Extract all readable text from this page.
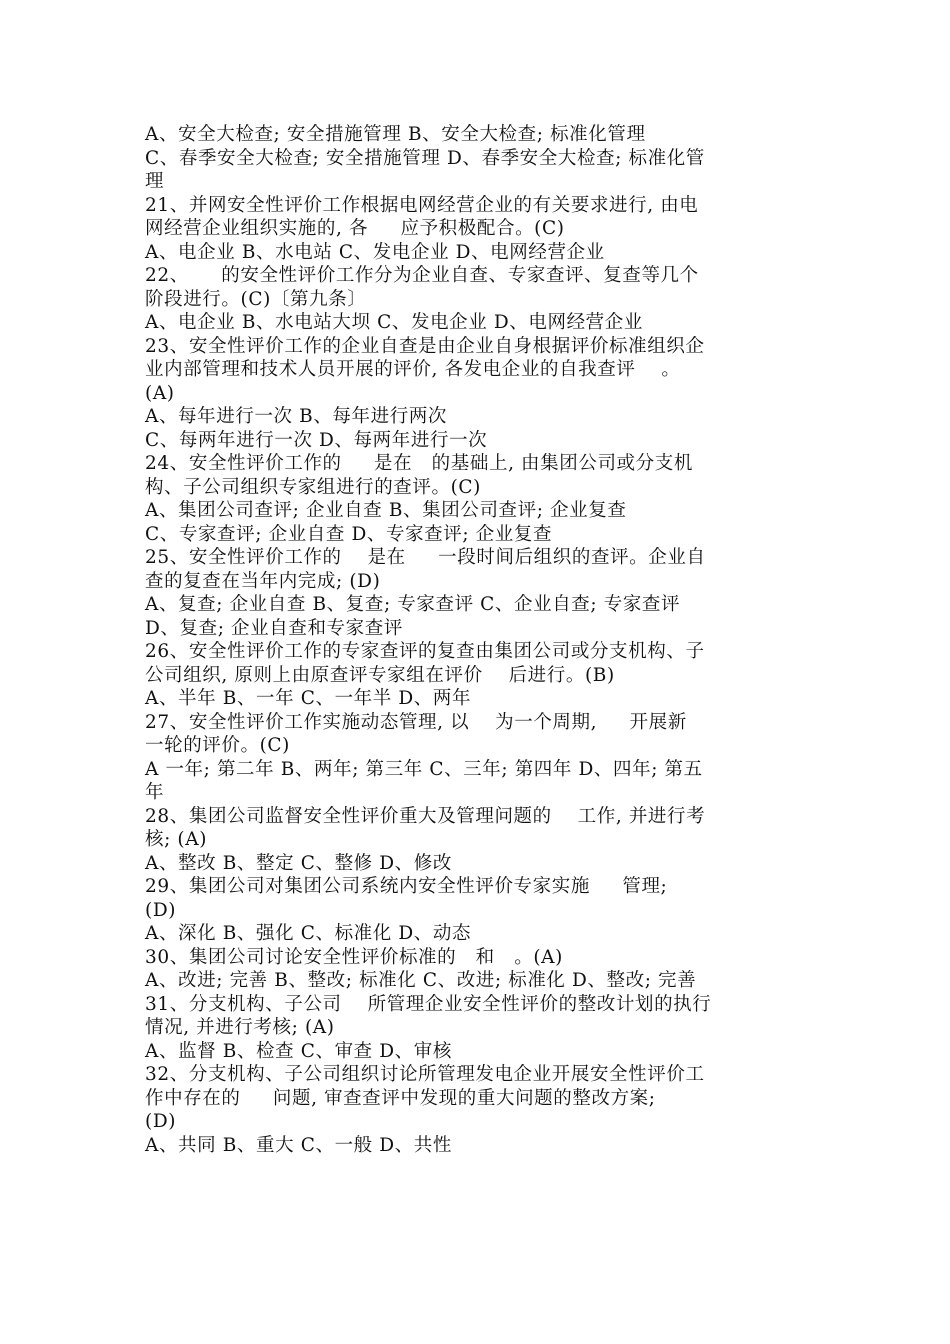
A、安全大检查; 安全措施管理 B、安全大检查; 标准化管理
C、春季安全大检查; 安全措施管理 D、春季安全大检查; 标准化管
理
21、并网安全性评价工作根据电网经营企业的有关要求进行, 由电
网经营企业组织实施的, 各     应予积极配合。(C)
A、电企业 B、水电站 C、发电企业 D、电网经营企业
22、     的安全性评价工作分为企业自查、专家查评、复查等几个
阶段进行。(C)〔第九条〕
A、电企业 B、水电站大坝 C、发电企业 D、电网经营企业
23、安全性评价工作的企业自查是由企业自身根据评价标准组织企
业内部管理和技术人员开展的评价, 各发电企业的自我查评    。
(A)
A、每年进行一次 B、每年进行两次
C、每两年进行一次 D、每两年进行一次
24、安全性评价工作的     是在   的基础上, 由集团公司或分支机
构、子公司组织专家组进行的查评。(C)
A、集团公司查评; 企业自查 B、集团公司查评; 企业复查
C、专家查评; 企业自查 D、专家查评; 企业复查
25、安全性评价工作的    是在     一段时间后组织的查评。企业自
查的复查在当年内完成; (D)
A、复查; 企业自查 B、复查; 专家查评 C、企业自查; 专家查评
D、复查; 企业自查和专家查评
26、安全性评价工作的专家查评的复查由集团公司或分支机构、子
公司组织, 原则上由原查评专家组在评价    后进行。(B)
A、半年 B、一年 C、一年半 D、两年
27、安全性评价工作实施动态管理, 以    为一个周期,     开展新
一轮的评价。(C)
A 一年; 第二年 B、两年; 第三年 C、三年; 第四年 D、四年; 第五
年
28、集团公司监督安全性评价重大及管理问题的    工作, 并进行考
核; (A)
A、整改 B、整定 C、整修 D、修改
29、集团公司对集团公司系统内安全性评价专家实施     管理;
(D)
A、深化 B、强化 C、标准化 D、动态
30、集团公司讨论安全性评价标准的   和   。(A)
A、改进; 完善 B、整改; 标准化 C、改进; 标准化 D、整改; 完善
31、分支机构、子公司    所管理企业安全性评价的整改计划的执行
情况, 并进行考核; (A)
A、监督 B、检查 C、审查 D、审核
32、分支机构、子公司组织讨论所管理发电企业开展安全性评价工
作中存在的     问题, 审查查评中发现的重大问题的整改方案;
(D)
A、共同 B、重大 C、一般 D、共性
